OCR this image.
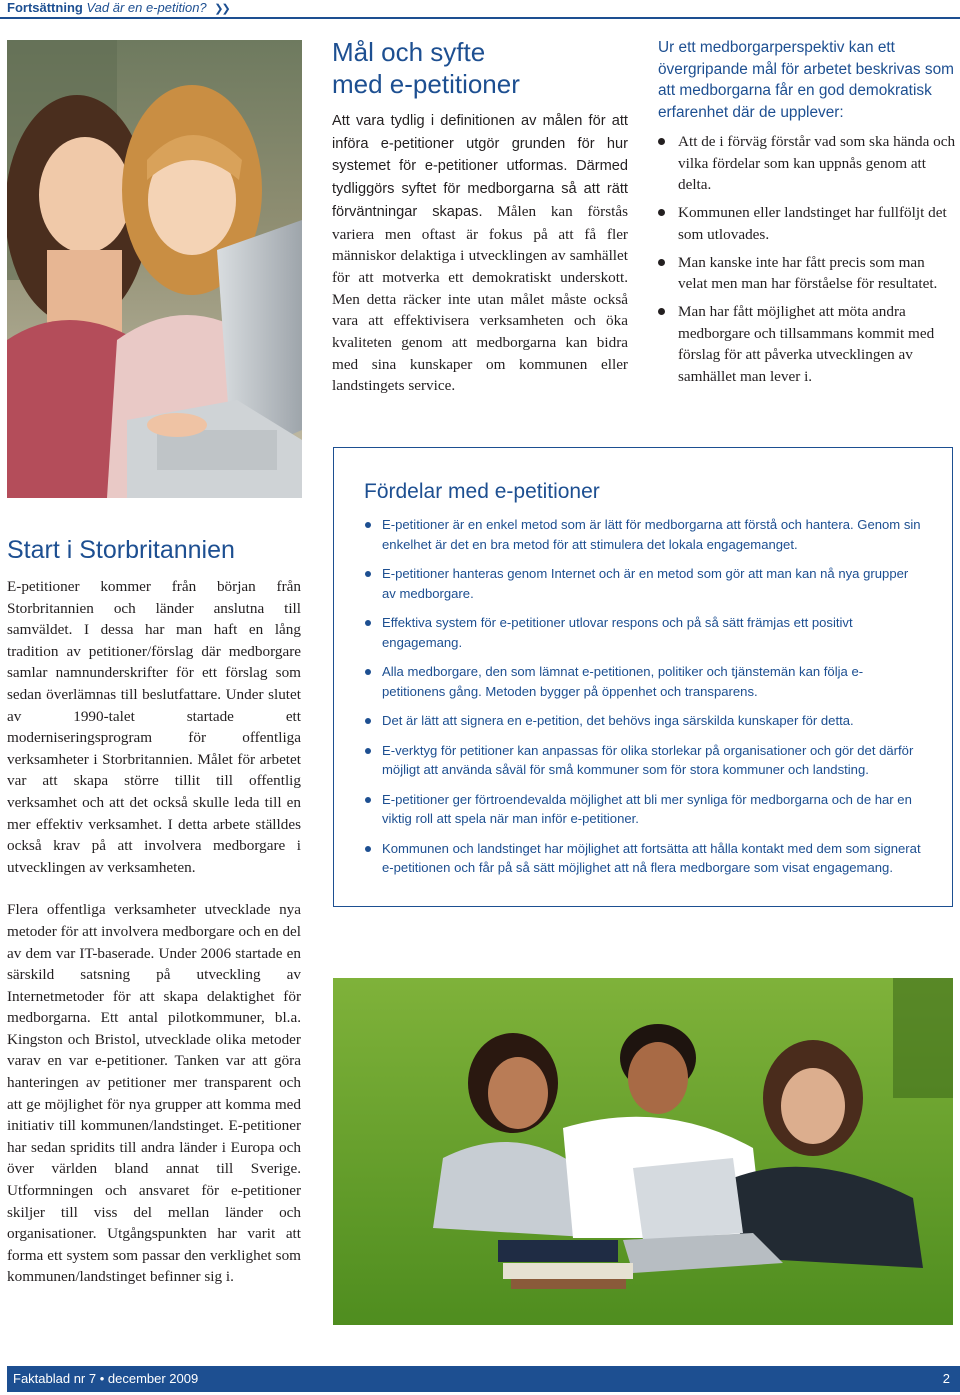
Fortsättning Vad är en e-petition? ❯❯
Mål och syfte
med e-petitioner

Att vara tydlig i definitionen av målen för att införa e-petitioner utgör grunden för hur systemet för e-petitioner utformas. Därmed tydliggörs syftet för medborgarna så att rätt förväntningar skapas. Målen kan förstås variera men oftast är fokus på att få fler människor delaktiga i utvecklingen av samhället för att motverka ett demokratiskt underskott. Men detta räcker inte utan målet måste också vara att effektivisera verksamheten och öka kvaliteten genom att medborgarna kan bidra med sina kunskaper om kommunen eller landstingets service.

Ur ett medborgarperspektiv kan ett övergripande mål för arbetet beskrivas som att medborgarna får en god demokratisk erfarenhet där de upplever:

Att de i förväg förstår vad som ska hända och vilka fördelar som kan uppnås genom att delta.
Kommunen eller landstinget har fullföljt det som utlovades.
Man kanske inte har fått precis som man velat men man har förståelse för resultatet.
Man har fått möjlighet att möta andra medborgare och tillsammans kommit med förslag för att påverka utvecklingen av samhället man lever i.
Start i Storbritannien

E-petitioner kommer från början från Storbritannien och länder anslutna till samväldet. I dessa har man haft en lång tradition av petitioner/förslag där medborgare samlar namnunderskrifter för ett förslag som sedan överlämnas till beslutfattare. Under slutet av 1990-talet startade ett moderniseringsprogram för offentliga verksamheter i Storbritannien. Målet för arbetet var att skapa större tillit till offentlig verksamhet och att det också skulle leda till en mer effektiv verksamhet. I detta arbete ställdes också krav på att involvera medborgare i utvecklingen av verksamheten.

Flera offentliga verksamheter utvecklade nya metoder för att involvera medborgare och en del av dem var IT-baserade. Under 2006 startade en särskild satsning på utveckling av Internetmetoder för att skapa delaktighet för medborgarna. Ett antal pilotkommuner, bl.a. Kingston och Bristol, utvecklade olika metoder varav en var e-petitioner. Tanken var att göra hanteringen av petitioner mer transparent och att ge möjlighet för nya grupper att komma med initiativ till kommunen/landstinget. E-petitioner har sedan spridits till andra länder i Europa och över världen bland annat till Sverige. Utformningen och ansvaret för e-petitioner skiljer till viss del mellan länder och organisationer. Utgångspunkten har varit att forma ett system som passar den verklighet som kommunen/landstinget befinner sig i.

Fördelar med e-petitioner
E-petitioner är en enkel metod som är lätt för medborgarna att förstå och hantera. Genom sin enkelhet är det en bra metod för att stimulera det lokala engagemanget.
E-petitioner hanteras genom Internet och är en metod som gör att man kan nå nya grupper av medborgare.
Effektiva system för e-petitioner utlovar respons och på så sätt främjas ett positivt engagemang.
Alla medborgare, den som lämnat e-petitionen, politiker och tjänstemän kan följa e-petitionens gång. Metoden bygger på öppenhet och transparens.
Det är lätt att signera en e-petition, det behövs inga särskilda kunskaper för detta.
E-verktyg för petitioner kan anpassas för olika storlekar på organisationer och gör det därför möjligt att använda såväl för små kommuner som för stora kommuner och landsting.
E-petitioner ger förtroendevalda möjlighet att bli mer synliga för medborgarna och de har en viktig roll att spela när man inför e-petitioner.
Kommunen och landstinget har möjlighet att fortsätta att hålla kontakt med dem som signerat e-petitionen och får på så sätt möjlighet att nå flera medborgare som visat engagemang.
Faktablad nr 7 • december 2009	2
